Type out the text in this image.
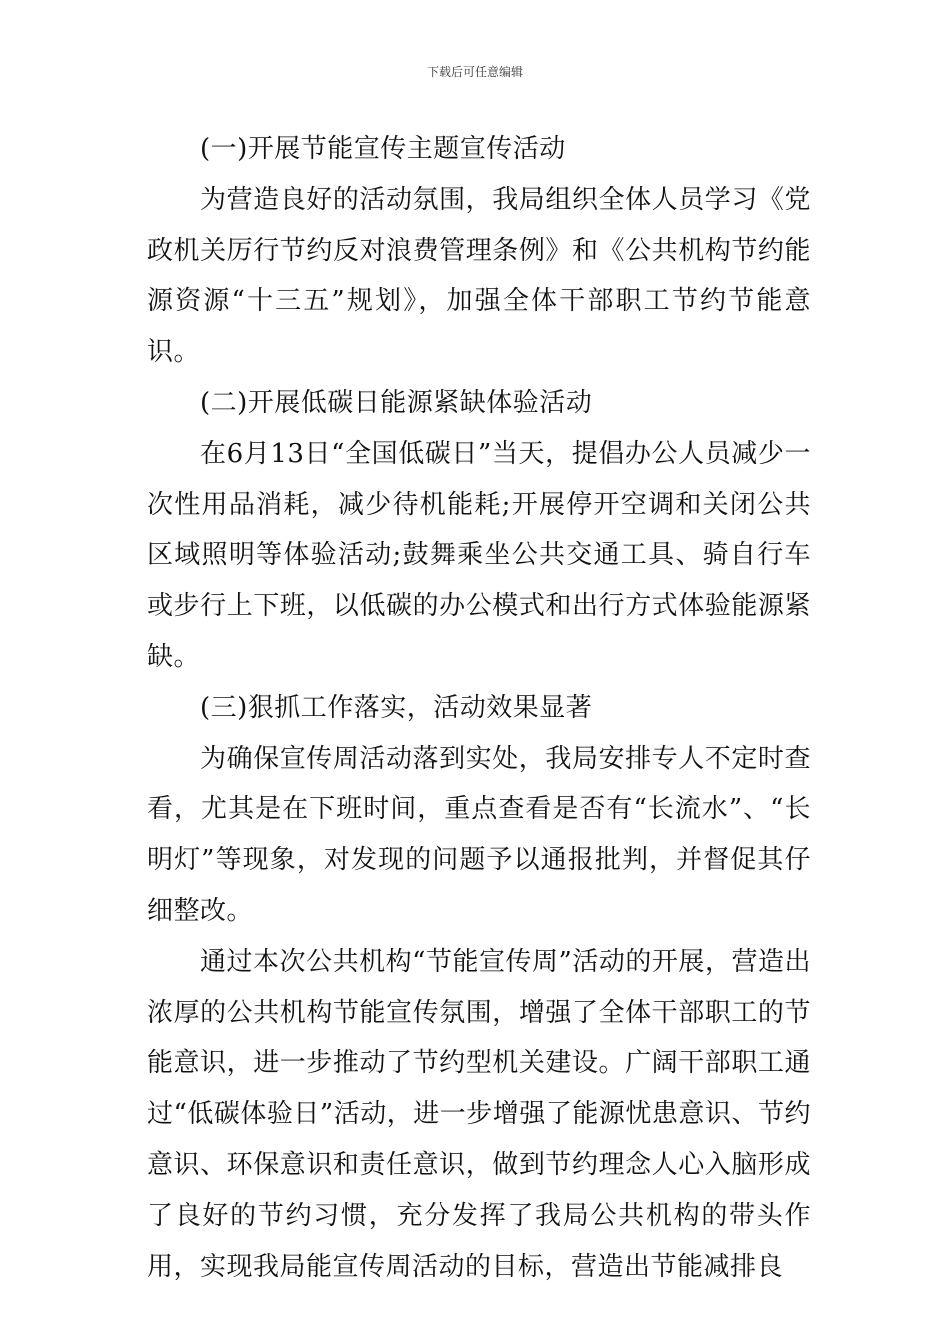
下载后可任意编辑

(一)开展节能宣传主题宣传活动

为营造良好的活动氛围，我局组织全体人员学习《党政机关厉行节约反对浪费管理条例》和《公共机构节约能源资源“十三五”规划》，加强全体干部职工节约节能意识。

(二)开展低碳日能源紧缺体验活动

在6月13日“全国低碳日”当天，提倡办公人员减少一次性用品消耗，减少待机能耗;开展停开空调和关闭公共区域照明等体验活动;鼓舞乘坐公共交通工具、骑自行车或步行上下班，以低碳的办公模式和出行方式体验能源紧缺。

(三)狠抓工作落实，活动效果显著

为确保宣传周活动落到实处，我局安排专人不定时查看，尤其是在下班时间，重点查看是否有“长流水”、“长明灯”等现象，对发现的问题予以通报批判，并督促其仔细整改。

通过本次公共机构“节能宣传周”活动的开展，营造出浓厚的公共机构节能宣传氛围，增强了全体干部职工的节能意识，进一步推动了节约型机关建设。广阔干部职工通过“低碳体验日”活动，进一步增强了能源忧患意识、节约意识、环保意识和责任意识，做到节约理念人心入脑形成了良好的节约习惯，充分发挥了我局公共机构的带头作用，实现我局能宣传周活动的目标，营造出节能减排良
